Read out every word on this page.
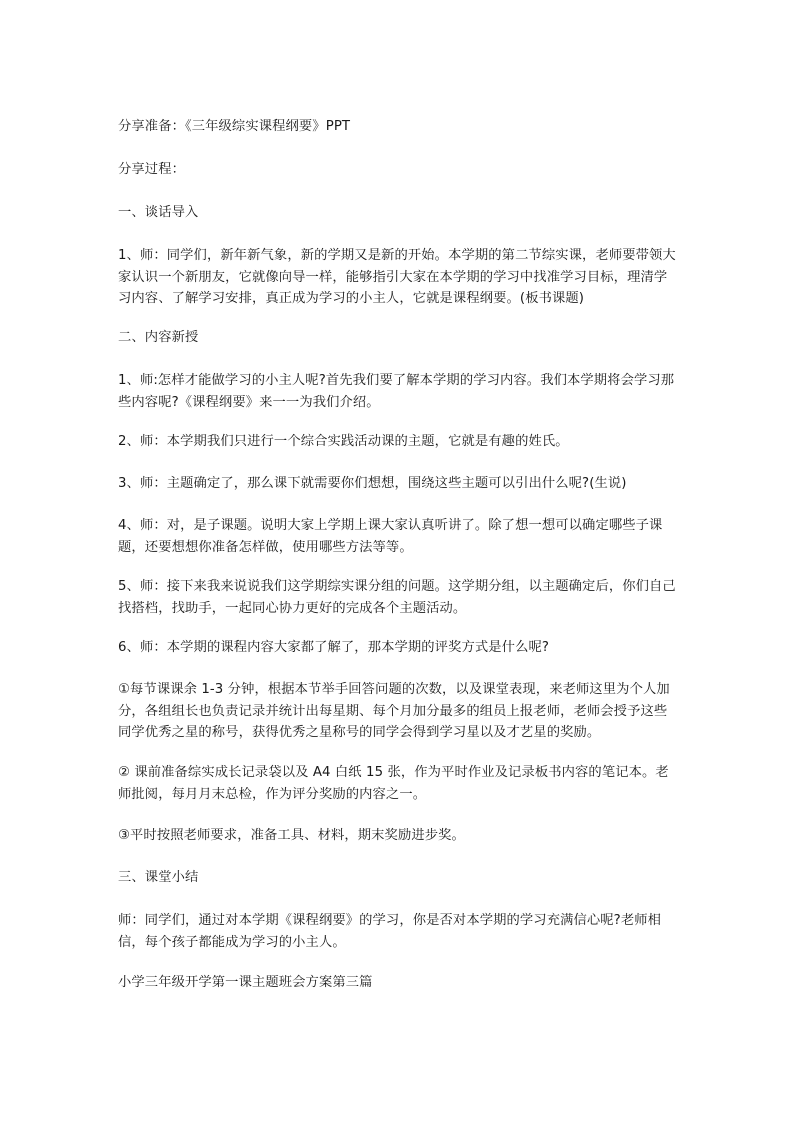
分享准备：《三年级综实课程纲要》PPT
分享过程：
一、谈话导入
1、师：同学们，新年新气象，新的学期又是新的开始。本学期的第二节综实课，老师要带领大家认识一个新朋友，它就像向导一样，能够指引大家在本学期的学习中找准学习目标，理清学习内容、了解学习安排，真正成为学习的小主人，它就是课程纲要。(板书课题)
二、内容新授
1、师:怎样才能做学习的小主人呢?首先我们要了解本学期的学习内容。我们本学期将会学习那些内容呢?《课程纲要》来一一为我们介绍。
2、师：本学期我们只进行一个综合实践活动课的主题，它就是有趣的姓氏。
3、师：主题确定了，那么课下就需要你们想想，围绕这些主题可以引出什么呢?(生说)
4、师：对，是子课题。说明大家上学期上课大家认真听讲了。除了想一想可以确定哪些子课题，还要想想你准备怎样做，使用哪些方法等等。
5、师：接下来我来说说我们这学期综实课分组的问题。这学期分组，以主题确定后，你们自己找搭档，找助手，一起同心协力更好的完成各个主题活动。
6、师：本学期的课程内容大家都了解了，那本学期的评奖方式是什么呢?
①每节课课余 1-3 分钟，根据本节举手回答问题的次数，以及课堂表现，来老师这里为个人加分，各组组长也负责记录并统计出每星期、每个月加分最多的组员上报老师，老师会授予这些同学优秀之星的称号，获得优秀之星称号的同学会得到学习星以及才艺星的奖励。
② 课前准备综实成长记录袋以及 A4 白纸 15 张，作为平时作业及记录板书内容的笔记本。老师批阅，每月月末总检，作为评分奖励的内容之一。
③平时按照老师要求，准备工具、材料，期末奖励进步奖。
三、课堂小结
师：同学们，通过对本学期《课程纲要》的学习，你是否对本学期的学习充满信心呢?老师相信，每个孩子都能成为学习的小主人。
小学三年级开学第一课主题班会方案第三篇
